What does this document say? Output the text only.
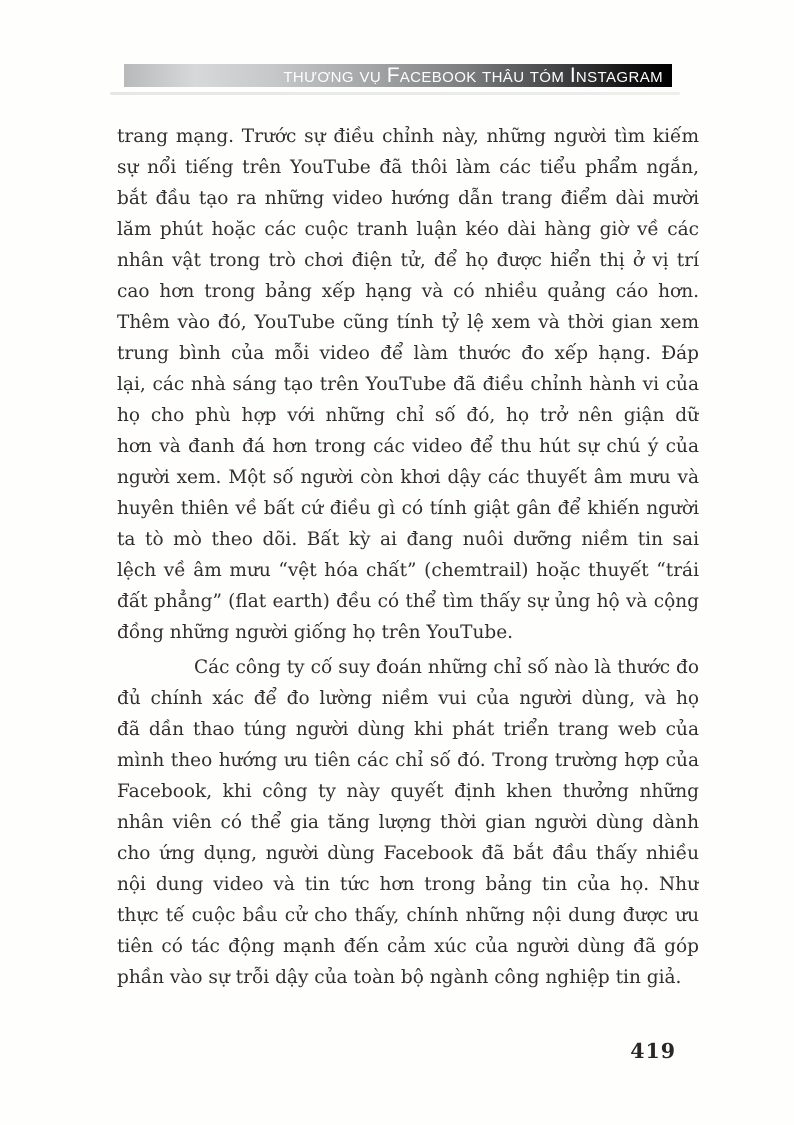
THƯƠNG VỤ FACEBOOK THÂU TÓM INSTAGRAM
trang mạng. Trước sự điều chỉnh này, những người tìm kiếm
sự nổi tiếng trên YouTube đã thôi làm các tiểu phẩm ngắn,
bắt đầu tạo ra những video hướng dẫn trang điểm dài mười
lăm phút hoặc các cuộc tranh luận kéo dài hàng giờ về các
nhân vật trong trò chơi điện tử, để họ được hiển thị ở vị trí
cao hơn trong bảng xếp hạng và có nhiều quảng cáo hơn.
Thêm vào đó, YouTube cũng tính tỷ lệ xem và thời gian xem
trung bình của mỗi video để làm thước đo xếp hạng. Đáp
lại, các nhà sáng tạo trên YouTube đã điều chỉnh hành vi của
họ cho phù hợp với những chỉ số đó, họ trở nên giận dữ
hơn và đanh đá hơn trong các video để thu hút sự chú ý của
người xem. Một số người còn khơi dậy các thuyết âm mưu và
huyên thiên về bất cứ điều gì có tính giật gân để khiến người
ta tò mò theo dõi. Bất kỳ ai đang nuôi dưỡng niềm tin sai
lệch về âm mưu “vệt hóa chất” (chemtrail) hoặc thuyết “trái
đất phẳng” (flat earth) đều có thể tìm thấy sự ủng hộ và cộng
đồng những người giống họ trên YouTube.
Các công ty cố suy đoán những chỉ số nào là thước đo
đủ chính xác để đo lường niềm vui của người dùng, và họ
đã dần thao túng người dùng khi phát triển trang web của
mình theo hướng ưu tiên các chỉ số đó. Trong trường hợp của
Facebook, khi công ty này quyết định khen thưởng những
nhân viên có thể gia tăng lượng thời gian người dùng dành
cho ứng dụng, người dùng Facebook đã bắt đầu thấy nhiều
nội dung video và tin tức hơn trong bảng tin của họ. Như
thực tế cuộc bầu cử cho thấy, chính những nội dung được ưu
tiên có tác động mạnh đến cảm xúc của người dùng đã góp
phần vào sự trỗi dậy của toàn bộ ngành công nghiệp tin giả.
419
